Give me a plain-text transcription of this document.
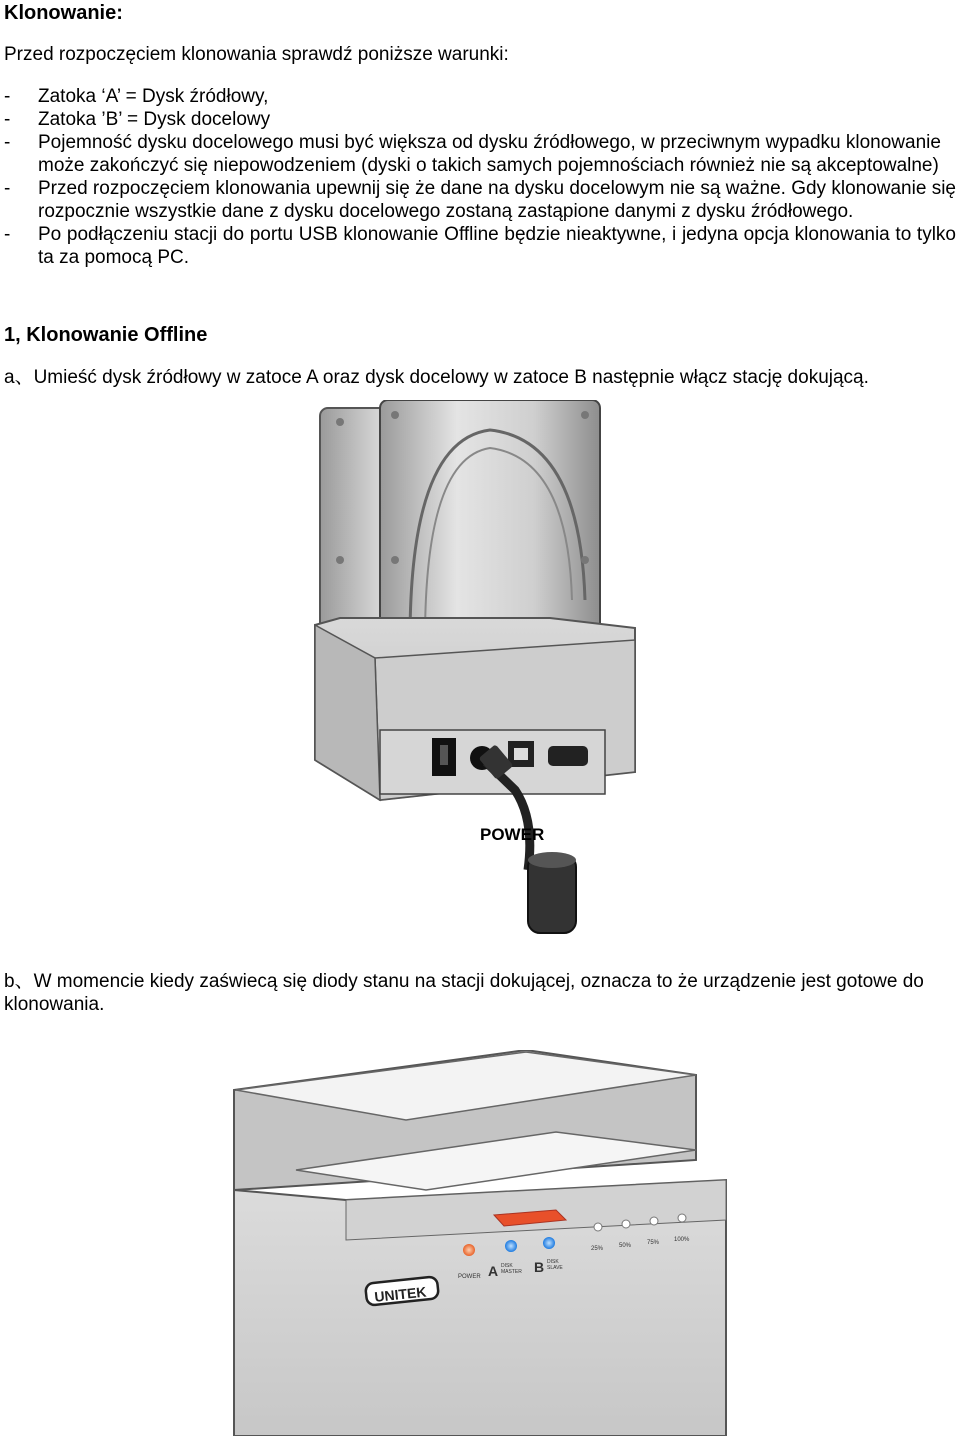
Klonowanie:

Przed rozpoczęciem klonowania sprawdź poniższe warunki:

- Zatoka ‘A’ = Dysk źródłowy,
- Zatoka ’B’ = Dysk docelowy
- Pojemność dysku docelowego musi być większa od dysku źródłowego, w przeciwnym wypadku klonowanie może zakończyć się niepowodzeniem (dyski o takich samych pojemnościach również nie są akceptowalne)
- Przed rozpoczęciem klonowania upewnij się że dane na dysku docelowym nie są ważne. Gdy klonowanie się rozpocznie wszystkie dane z dysku docelowego zostaną zastąpione danymi z dysku źródłowego.
- Po podłączeniu stacji do portu USB klonowanie Offline będzie nieaktywne, i jedyna opcja klonowania to tylko ta za pomocą PC.

1, Klonowanie Offline

a、Umieść dysk źródłowy w zatoce A oraz dysk docelowy w zatoce B następnie włącz stację dokującą.

POWER

b、W momencie kiedy zaświecą się diody stanu na stacji dokującej, oznacza to że urządzenie jest gotowe do klonowania.

POWER A DISK
MASTER B DISK
SLAVE
25%	50%	75% 100%
UNITEK
